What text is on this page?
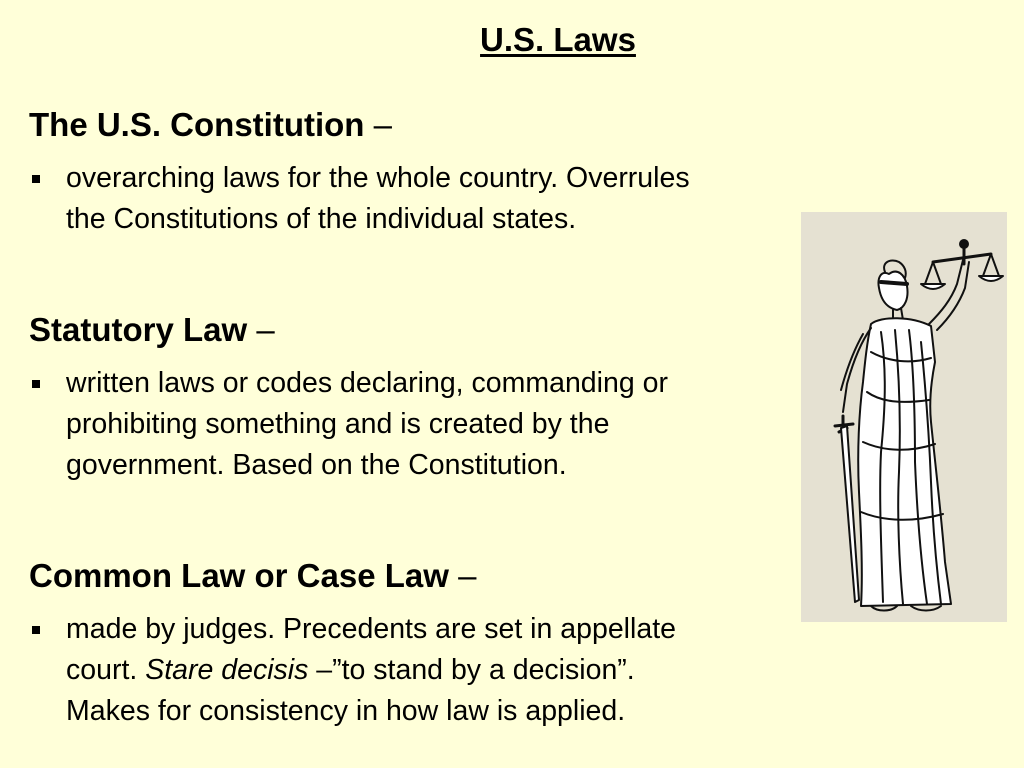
U.S. Laws
The U.S. Constitution –
overarching laws for the whole country. Overrules
the Constitutions of the individual states.
Statutory Law –
written laws or codes declaring, commanding or
prohibiting something and is created by the
government. Based on the Constitution.
Common Law or Case Law –
made by judges. Precedents are set in appellate
court. Stare decisis –”to stand by a decision”.
Makes for consistency in how law is applied.
